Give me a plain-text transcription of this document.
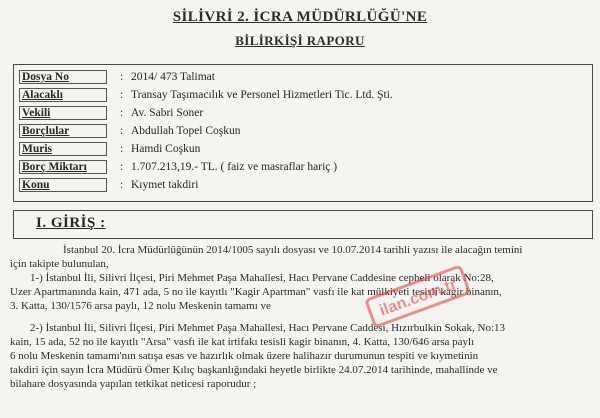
SİLİVRİ 2. İCRA MÜDÜRLÜĞÜ'NE
BİLİRKİŞİ RAPORU
Dosya No	: 2014/ 473 Talimat
Alacaklı	: Transay Taşımacılık ve Personel Hizmetleri Tic. Ltd. Şti.
Vekili	: Av. Sabri Soner
Borçlular	: Abdullah Topel Coşkun
Muris	: Hamdi Coşkun
Borç Miktarı	: 1.707.213,19.- TL. ( faiz ve masraflar hariç )
Konu	: Kıymet takdiri
I. GİRİŞ :
İstanbul 20. İcra Müdürlüğünün 2014/1005 sayılı dosyası ve 10.07.2014 tarihli yazısı ile alacağın temini
için takipte bulunulan,
1-) İstanbul İli, Silivri İlçesi, Piri Mehmet Paşa Mahallesi, Hacı Pervane Caddesine cepheli olarak No:28,
Uzer Apartmanında kain, 471 ada, 5 no ile kayıtlı "Kagir Apartman" vasfı ile kat mülkiyeti tesisli kagir binanın,
3. Katta, 130/1576 arsa paylı, 12 nolu Meskenin tamamı ve
2-) İstanbul İli, Silivri İlçesi, Piri Mehmet Paşa Mahallesi, Hacı Pervane Caddesi, Hızırbulkin Sokak, No:13
kain, 15 ada, 52 no ile kayıtlı "Arsa" vasfı ile kat irtifakı tesisli kagir binanın, 4. Katta, 130/646 arsa paylı
6 nolu Meskenin tamamı'nın satışa esas ve hazırlık olmak üzere halihazır durumunun tespiti ve kıymetinin
takdiri için sayın İcra Müdürü Ömer Kılıç başkanlığındaki heyetle birlikte 24.07.2014 tarihinde, mahallinde ve
bilahare dosyasında yapılan tetkikat neticesi raporudur ;
ilan.com.tr
